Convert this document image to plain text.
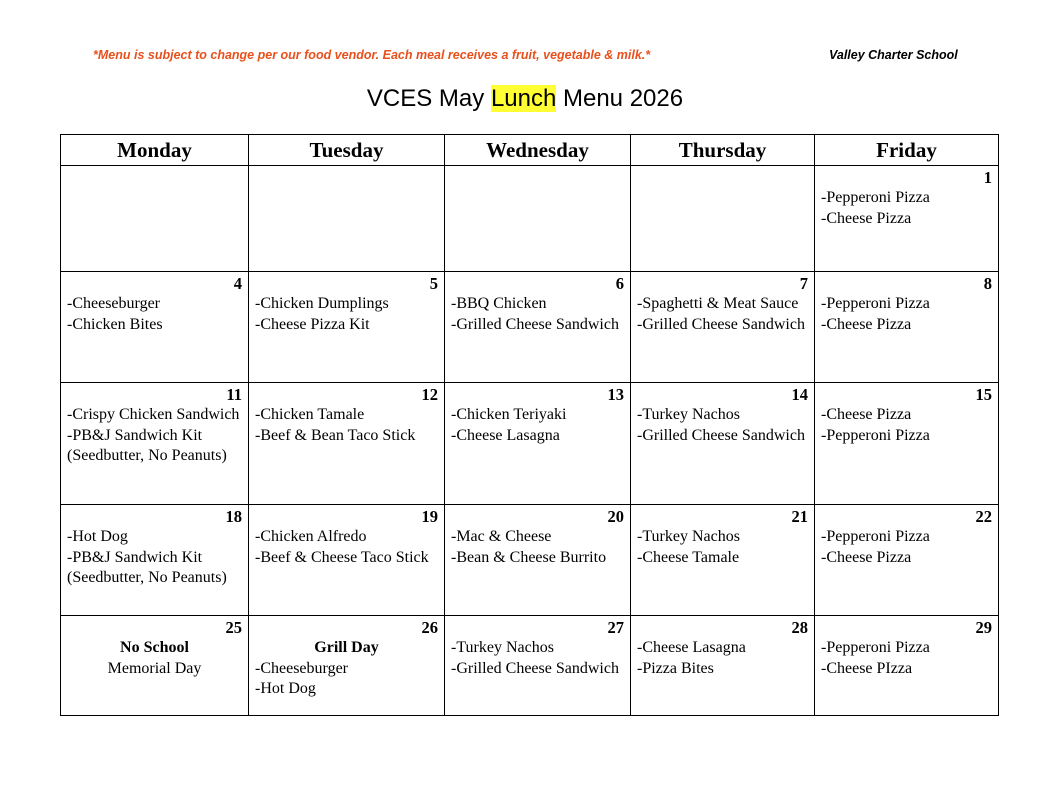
*Menu is subject to change per our food vendor. Each meal receives a fruit, vegetable & milk.*	Valley Charter School
VCES May Lunch Menu 2026
Monday	Tuesday	Wednesday	Thursday	Friday

				1
-Pepperoni Pizza
-Cheese Pizza

4
-Cheeseburger
-Chicken Bites	5
-Chicken Dumplings
-Cheese Pizza Kit	6
-BBQ Chicken
-Grilled Cheese Sandwich	7
-Spaghetti & Meat Sauce
-Grilled Cheese Sandwich	8
-Pepperoni Pizza
-Cheese Pizza

11
-Crispy Chicken Sandwich
-PB&J Sandwich Kit (Seedbutter, No Peanuts)	12
-Chicken Tamale
-Beef & Bean Taco Stick	13
-Chicken Teriyaki
-Cheese Lasagna	14
-Turkey Nachos
-Grilled Cheese Sandwich	15
-Cheese Pizza
-Pepperoni Pizza

18
-Hot Dog
-PB&J Sandwich Kit (Seedbutter, No Peanuts)	19
-Chicken Alfredo
-Beef & Cheese Taco Stick	20
-Mac & Cheese
-Bean & Cheese Burrito	21
-Turkey Nachos
-Cheese Tamale	22
-Pepperoni Pizza
-Cheese Pizza

25
No School
Memorial Day	26
Grill Day
-Cheeseburger
-Hot Dog	27
-Turkey Nachos
-Grilled Cheese Sandwich	28
-Cheese Lasagna
-Pizza Bites	29
-Pepperoni Pizza
-Cheese PIzza
